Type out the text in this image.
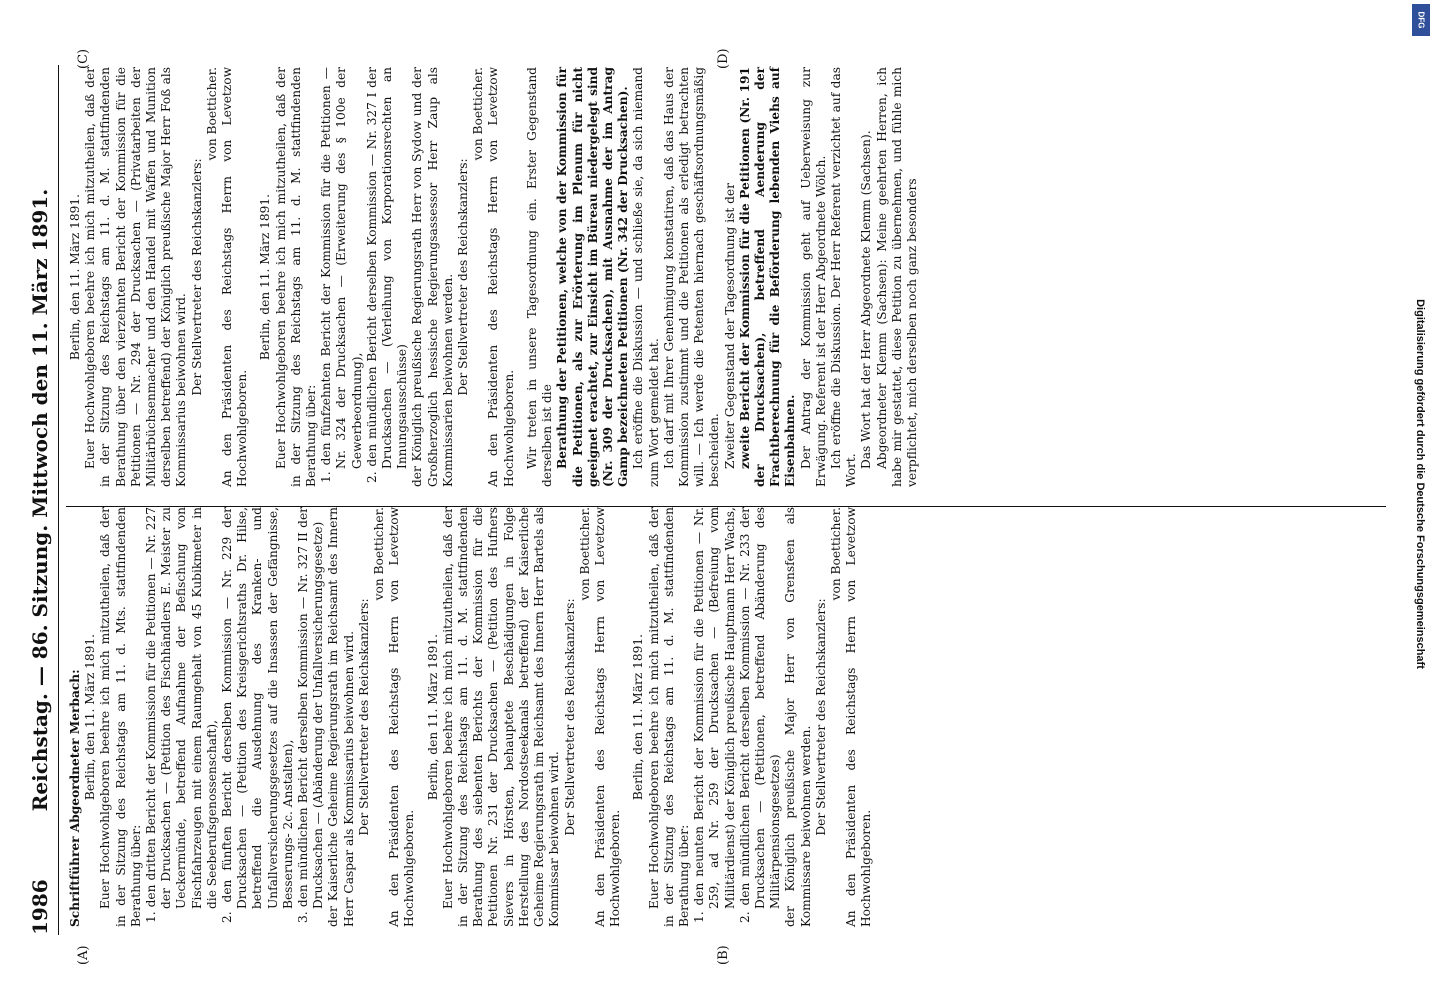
1986
Reichstag. — 86. Sitzung. Mittwoch den 11. März 1891.
(A)	(B)
(C)	(D)

Schriftführer Abgeordneter Merbach: Berlin, den 11. März 1891. Euer Hochwohlgeboren beehre ich mich mitzutheilen, daß der in der Sitzung des Reichstags am 11. d. Mts. stattfindenden Berathung über: 1. den dritten Bericht der Kommission für die Petitionen — Nr. 227 der Drucksachen — (Petition des Fischhändlers E. Meister zu Ueckermünde, betreffend Aufnahme der Befischung von Fischfahrzeugen mit einem Raumgehalt von 45 Kubikmeter in die Seeberufsgenossenschaft), 2. den fünften Bericht derselben Kommission — Nr. 229 der Drucksachen — (Petition des Kreisgerichtsraths Dr. Hilse, betreffend die Ausdehnung des Kranken- und Unfallversicherungsgesetzes auf die Insassen der Gefängnisse, Besserungs- 2c. Anstalten), 3. den mündlichen Bericht derselben Kommission — Nr. 327 II der Drucksachen — (Abänderung der Unfallversicherungsgesetze) der Kaiserliche Geheime Regierungsrath im Reichsamt des Innern Herr Caspar als Kommissarius beiwohnen wird. Der Stellvertreter des Reichskanzlers:

von Boetticher. An den Präsidenten des Reichstags Herrn von Levetzow Hochwohlgeboren.

Berlin, den 11. März 1891. Euer Hochwohlgeboren beehre ich mich mitzutheilen, daß der in der Sitzung des Reichstags am 11. d. M. stattfindenden Berathung des siebenten Berichts der Kommission für die Petitionen Nr. 231 der Drucksachen — (Petition des Hufners Sievers in Hörsten, behauptete Beschädigungen in Folge Herstellung des Nordostseekanals betreffend) der Kaiserliche Geheime Regierungsrath im Reichsamt des Innern Herr Bartels als Kommissar beiwohnen wird.

Der Stellvertreter des Reichskanzlers:

von Boetticher. An den Präsidenten des Reichstags Herrn von Levetzow Hochwohlgeboren.

Berlin, den 11. März 1891. Euer Hochwohlgeboren beehre ich mich mitzutheilen, daß der in der Sitzung des Reichstags am 11. d. M. stattfindenden Berathung über: 1. den neunten Bericht der Kommission für die Petitionen — Nr. 259, ad Nr. 259 der Drucksachen — (Befreiung vom Militärdienst) der Königlich preußische Hauptmann Herr Wachs, 2. den mündlichen Bericht derselben Kommission — Nr. 233 der Drucksachen — (Petitionen, betreffend Abänderung des Militärpensionsgesetzes) der Königlich preußische Major Herr von Grensfeen als Kommissare beiwohnen werden. Der Stellvertreter des Reichskanzlers:

von Boetticher. An den Präsidenten des Reichstags Herrn von Levetzow Hochwohlgeboren.

Berlin, den 11. März 1891. Euer Hochwohlgeboren beehre ich mich mitzutheilen, daß der in der Sitzung des Reichstags am 11. d. M. stattfindenden Berathung über den vierzehnten Bericht der Kommission für die Petitionen — Nr. 294 der Drucksachen — (Privatarbeiten der Militärbüchsenmacher und den Handel mit Waffen und Munition derselben betreffend) der Königlich preußische Major Herr Foß als Kommissarius beiwohnen wird. Der Stellvertreter des Reichskanzlers:

von Boetticher. An den Präsidenten des Reichstags Herrn von Levetzow Hochwohlgeboren.

Berlin, den 11. März 1891. Euer Hochwohlgeboren beehre ich mich mitzutheilen, daß der in der Sitzung des Reichstags am 11. d. M. stattfindenden Berathung über: 1. den fünfzehnten Bericht der Kommission für die Petitionen — Nr. 324 der Drucksachen — (Erweiterung des § 100e der Gewerbeordnung), 2. den mündlichen Bericht derselben Kommission — Nr. 327 I der Drucksachen — (Verleihung von Korporationsrechten an Innungsausschüsse) der Königlich preußische Regierungsrath Herr von Sydow und der Großherzoglich hessische Regierungsassessor Herr Zaup als Kommissarien beiwohnen werden. Der Stellvertreter des Reichskanzlers:

von Boetticher. An den Präsidenten des Reichstags Herrn von Levetzow Hochwohlgeboren. Wir treten in unsere Tagesordnung ein. Erster Gegenstand derselben ist die Berathung der Petitionen, welche von der Kommission für die Petitionen, als zur Erörterung im Plenum für nicht geeignet erachtet, zur Einsicht im Büreau niedergelegt sind (Nr. 309 der Drucksachen), mit Ausnahme der im Antrag Gamp bezeichneten Petitionen (Nr. 342 der Drucksachen). Ich eröffne die Diskussion — und schließe sie, da sich niemand zum Wort gemeldet hat. Ich darf mit Ihrer Genehmigung konstatiren, daß das Haus der Kommission zustimmt und die Petitionen als erledigt betrachten will. — Ich werde die Petenten hiernach geschäftsordnungsmäßig bescheiden. Zweiter Gegenstand der Tagesordnung ist der zweite Bericht der Kommission für die Petitionen (Nr. 191 der Drucksachen), betreffend Aenderung der Frachtberechnung für die Beförderung lebenden Viehs auf Eisenbahnen. Der Antrag der Kommission geht auf Ueberweisung zur Erwägung. Referent ist der Herr Abgeordnete Wölch. Ich eröffne die Diskussion. Der Herr Referent verzichtet auf das Wort.

Das Wort hat der Herr Abgeordnete Klemm (Sachsen). Abgeordneter Klemm (Sachsen): Meine geehrten Herren, ich habe mir gestattet, diese Petition zu übernehmen, und fühle mich verpflichtet, mich derselben noch ganz besonders

DFG
Digitalisierung gefördert durch die Deutsche Forschungsgemeinschaft
